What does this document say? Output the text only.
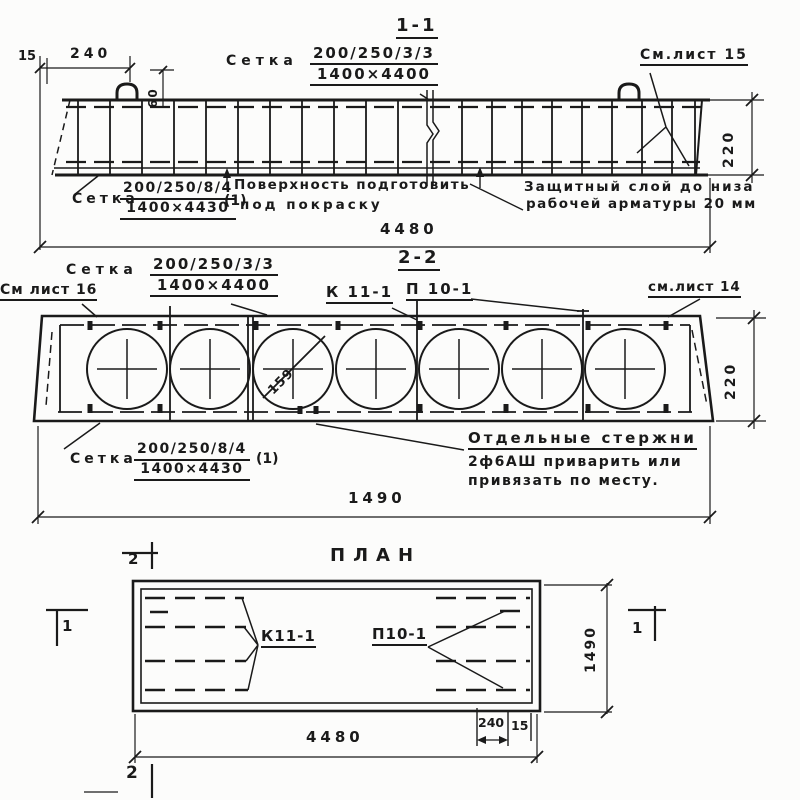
15 240	Сетка $\frac{200/250/3/3}{1400\times 4400}$
1-1
См.лист 15
60
Сетка
$\frac{200/250/8/4}{1400\times 4430}$
(1)
Поверхность подготовить
под покраску
Защитный слой до низа
рабочей арматуры 20 мм
220
4480
См лист 16
Сетка $\frac{200/250/3/3}{1400\times 4400}$	2-2
К 11-1 П 10-1	см.лист 14
159	220
Сетка
$\frac{200/250/8/4}{1400\times 4430} (1)$
Отдельные стержни
2ф6АШ приварить или
привязать по месту.
1490
ПЛАН
2
К11-1	П10-1
1	1
1490
240 15
4480
2
